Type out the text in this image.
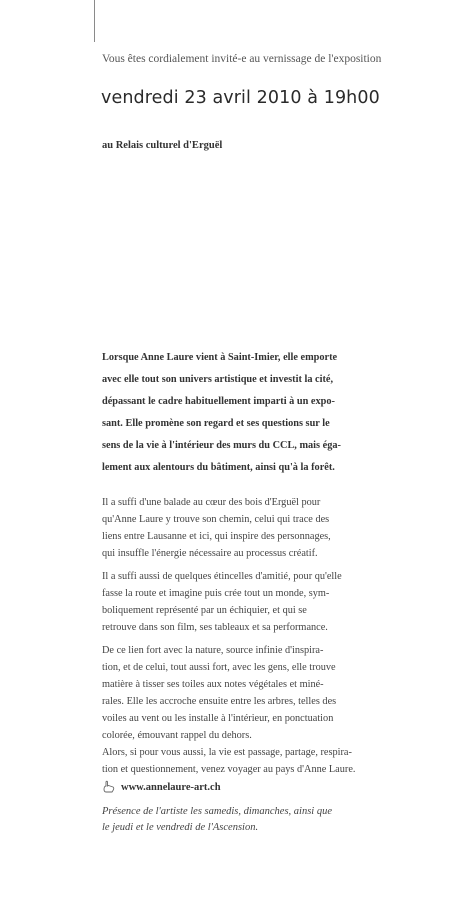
Vous êtes cordialement invité-e au vernissage de l'exposition
vendredi 23 avril 2010 à 19h00
au Relais culturel d'Erguël
Lorsque Anne Laure vient à Saint-Imier, elle emporte
avec elle tout son univers artistique et investit la cité,
dépassant le cadre habituellement imparti à un expo-
sant. Elle promène son regard et ses questions sur le
sens de la vie à l'intérieur des murs du CCL, mais éga-
lement aux alentours du bâtiment, ainsi qu'à la forêt.
Il a suffi d'une balade au cœur des bois d'Erguël pour
qu'Anne Laure y trouve son chemin, celui qui trace des
liens entre Lausanne et ici, qui inspire des personnages,
qui insuffle l'énergie nécessaire au processus créatif.
Il a suffi aussi de quelques étincelles d'amitié, pour qu'elle
fasse la route et imagine puis crée tout un monde, sym-
boliquement représenté par un échiquier, et qui se
retrouve dans son film, ses tableaux et sa performance.
De ce lien fort avec la nature, source infinie d'inspira-
tion, et de celui, tout aussi fort, avec les gens, elle trouve
matière à tisser ses toiles aux notes végétales et miné-
rales. Elle les accroche ensuite entre les arbres, telles des
voiles au vent ou les installe à l'intérieur, en ponctuation
colorée, émouvant rappel du dehors.
Alors, si pour vous aussi, la vie est passage, partage, respira-
www.annelaure-art.ch
Présence de l'artiste les samedis, dimanches, ainsi que
le jeudi et le vendredi de l'Ascension.
tion et questionnement, venez voyager au pays d'Anne Laure.
